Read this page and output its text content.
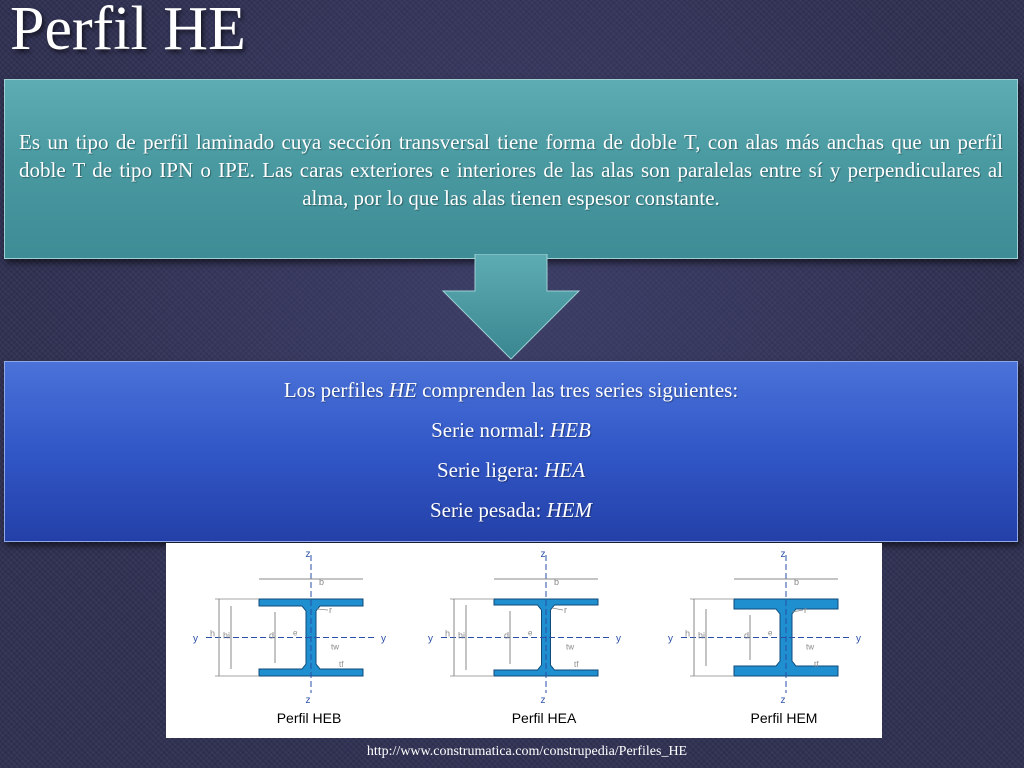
Perfil HE

Es un tipo de perfil laminado cuya sección transversal tiene forma de doble T, con alas más anchas que un perfil doble T de tipo IPN o IPE. Las caras exteriores e interiores de las alas son paralelas entre sí y perpendiculares al alma, por lo que las alas tienen espesor constante.

Los perfiles HE comprenden las tres series siguientes:

Serie normal: HEB

Serie ligera: HEA

Serie pesada: HEM

z
z
y	y
b
h hi	d e
r
tw
tf
Perfil HEB
z
z
y	y
b
h hi	d e
r
tw
tf
Perfil HEA
z
z
y	y
b
h hi	d e
r
tw
tf
Perfil HEM
http://www.construmatica.com/construpedia/Perfiles_HE
